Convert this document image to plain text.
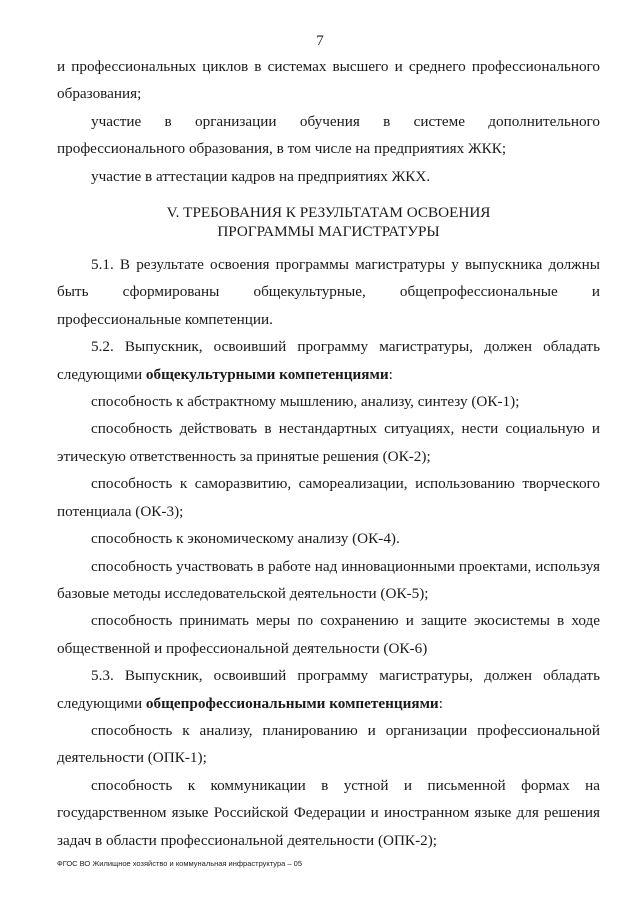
7

и профессиональных циклов в системах высшего и среднего профессионального образования;

участие в организации обучения в системе дополнительного профессионального образования, в том числе на предприятиях ЖКК;

участие в аттестации кадров на предприятиях ЖКХ.

V. ТРЕБОВАНИЯ К РЕЗУЛЬТАТАМ ОСВОЕНИЯ
ПРОГРАММЫ МАГИСТРАТУРЫ

5.1. В результате освоения программы магистратуры у выпускника должны быть сформированы общекультурные, общепрофессиональные и профессиональные компетенции.

5.2. Выпускник, освоивший программу магистратуры, должен обладать следующими общекультурными компетенциями:

способность к абстрактному мышлению, анализу, синтезу (ОК-1);

способность действовать в нестандартных ситуациях, нести социальную и этическую ответственность за принятые решения (ОК-2);

способность к саморазвитию, самореализации, использованию творческого потенциала (ОК-3);

способность к экономическому анализу (ОК-4).

способность участвовать в работе над инновационными проектами, используя базовые методы исследовательской деятельности (ОК-5);

способность принимать меры по сохранению и защите экосистемы в ходе общественной и профессиональной деятельности (ОК-6)

5.3. Выпускник, освоивший программу магистратуры, должен обладать следующими общепрофессиональными компетенциями:

способность к анализу, планированию и организации профессиональной деятельности (ОПК-1);

способность к коммуникации в устной и письменной формах на государственном языке Российской Федерации и иностранном языке для решения задач в области профессиональной деятельности (ОПК-2);

ФГОС ВО Жилищное хозяйство и коммунальная инфраструктура – 05
